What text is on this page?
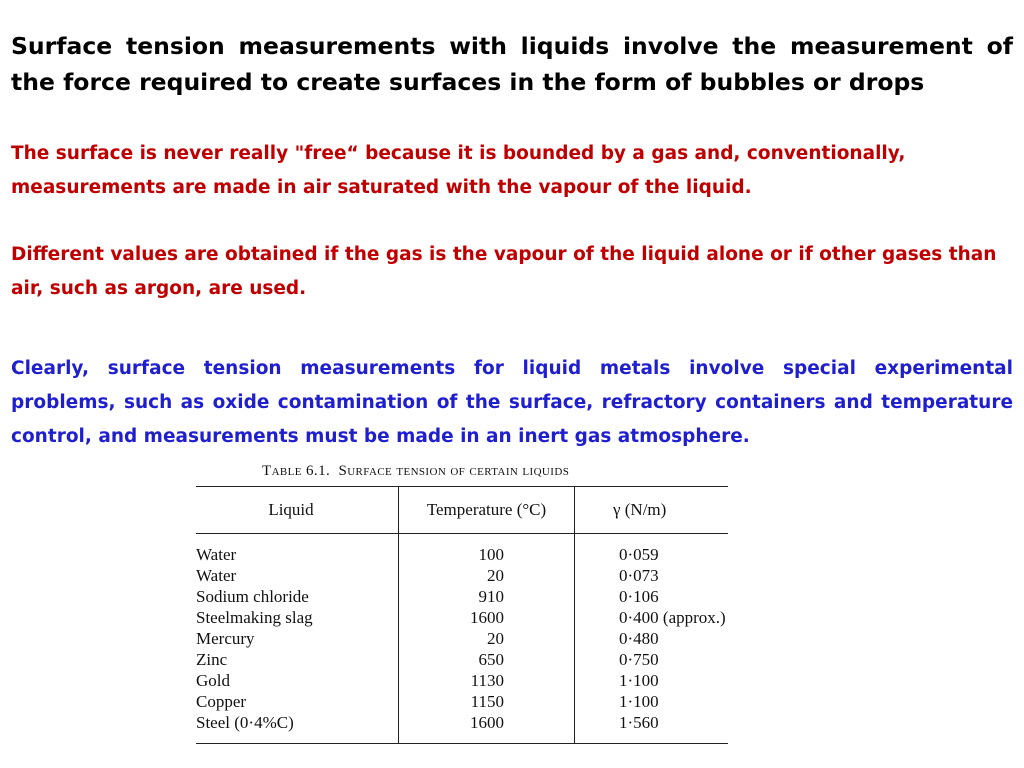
Surface tension measurements with liquids involve the measurement of the force required to create surfaces in the form of bubbles or drops
The surface is never really "free“ because it is bounded by a gas and, conventionally, measurements are made in air saturated with the vapour of the liquid.
Different values are obtained if the gas is the vapour of the liquid alone or if other gases than air, such as argon, are used.
Clearly, surface tension measurements for liquid metals involve special experimental problems, such as oxide contamination of the surface, refractory containers and temperature control, and measurements must be made in an inert gas atmosphere.
Table 6.1. Surface tension of certain liquids
Liquid	Temperature (°C)	γ (N/m)
Water	100	0·059
Water	20	0·073
Sodium chloride	910	0·106
Steelmaking slag	1600	0·400 (approx.)
Mercury	20	0·480
Zinc	650	0·750
Gold	1130	1·100
Copper	1150	1·100
Steel (0·4%C)	1600	1·560
